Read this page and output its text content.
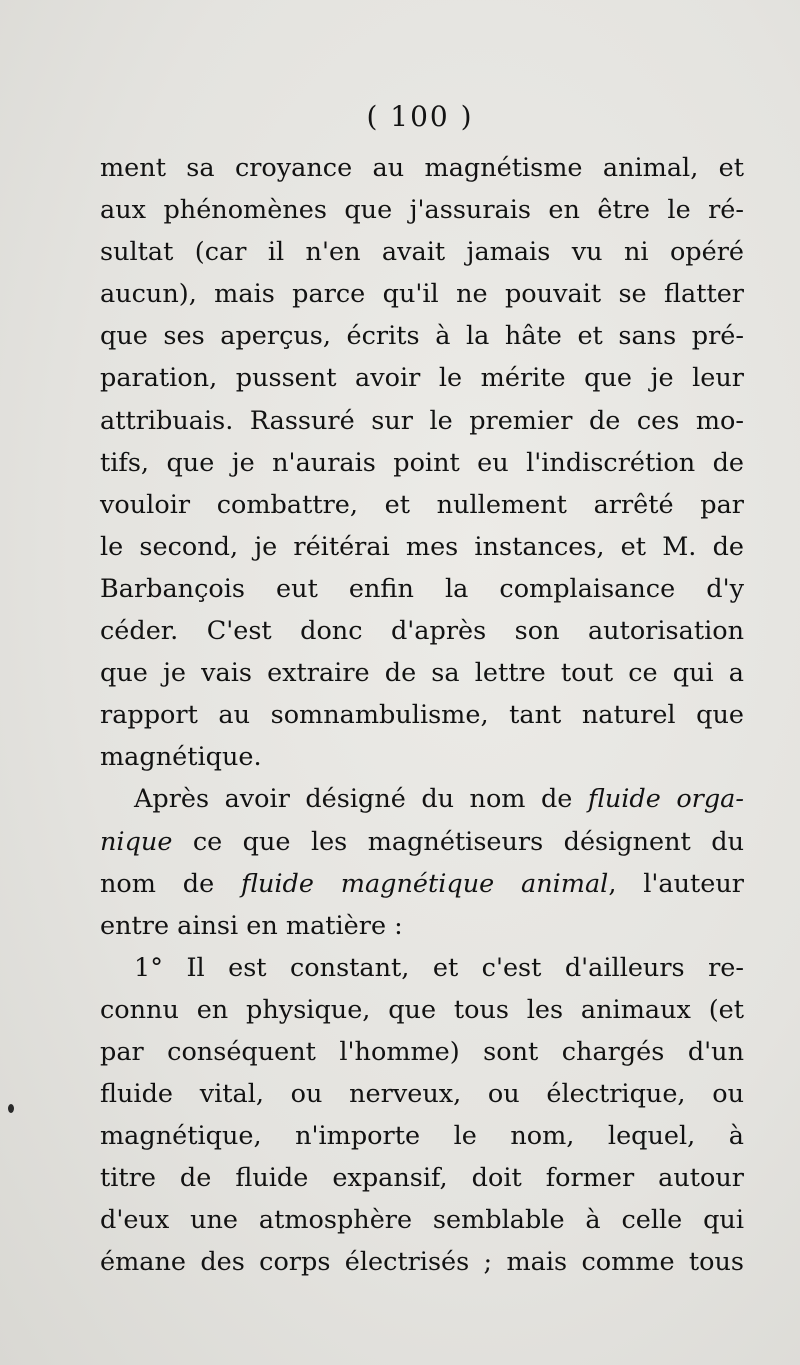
( 100 )
ment sa croyance au magnétisme animal, et
aux phénomènes que j'assurais en être le ré-
sultat (car il n'en avait jamais vu ni opéré
aucun), mais parce qu'il ne pouvait se flatter
que ses aperçus, écrits à la hâte et sans pré-
paration, pussent avoir le mérite que je leur
attribuais. Rassuré sur le premier de ces mo-
tifs, que je n'aurais point eu l'indiscrétion de
vouloir combattre, et nullement arrêté par
le second, je réitérai mes instances, et M. de
Barbançois eut enfin la complaisance d'y
céder. C'est donc d'après son autorisation
que je vais extraire de sa lettre tout ce qui a
rapport au somnambulisme, tant naturel que
magnétique.
Après avoir désigné du nom de fluide orga-
nique ce que les magnétiseurs désignent du
nom de fluide magnétique animal, l'auteur
entre ainsi en matière :
1° Il est constant, et c'est d'ailleurs re-
connu en physique, que tous les animaux (et
par conséquent l'homme) sont chargés d'un
fluide vital, ou nerveux, ou électrique, ou
magnétique, n'importe le nom, lequel, à
titre de fluide expansif, doit former autour
d'eux une atmosphère semblable à celle qui
émane des corps électrisés ; mais comme tous
